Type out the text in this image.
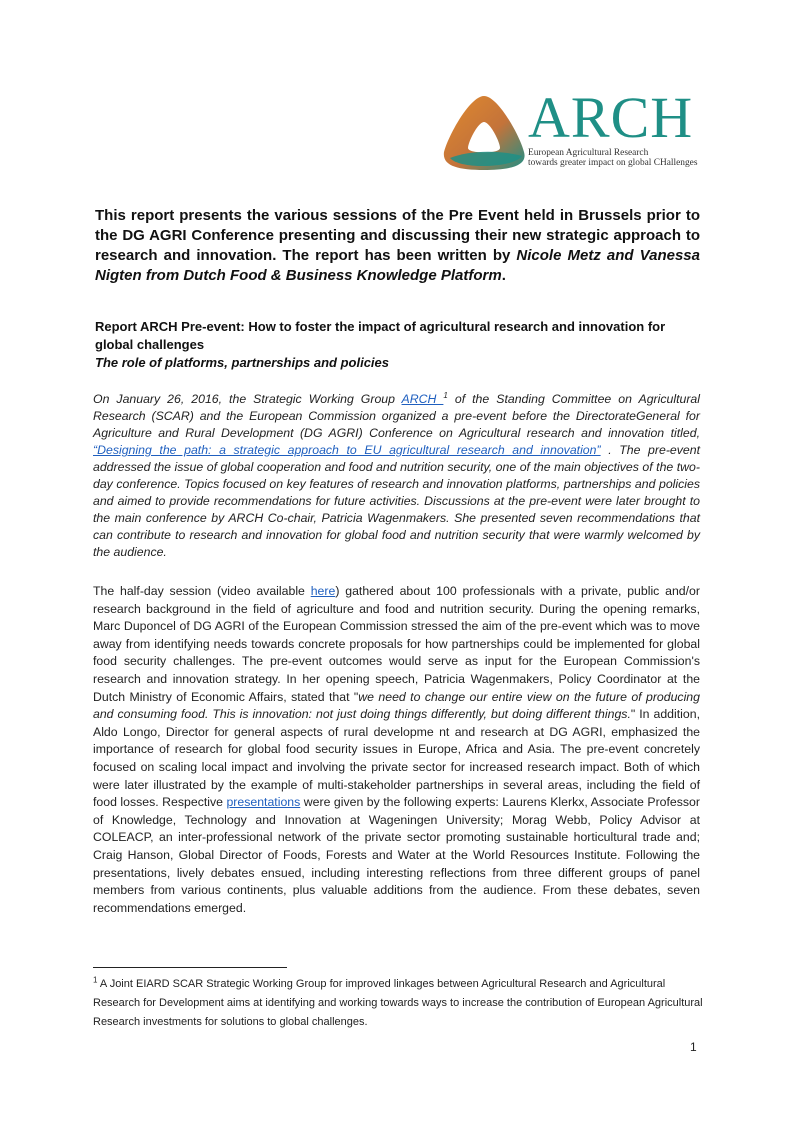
ARCH
European Agricultural Research
towards greater impact on global CHallenges

This report presents the various sessions of the Pre Event held in Brussels prior to the DG AGRI Conference presenting and discussing their new strategic approach to research and innovation. The report has been written by Nicole Metz and Vanessa Nigten from Dutch Food & Business Knowledge Platform.

Report ARCH Pre-event: How to foster the impact of agricultural research and innovation for global challenges

The role of platforms, partnerships and policies

On January 26, 2016, the Strategic Working Group ARCH $^1$ of the Standing Committee on Agricultural Research (SCAR) and the European Commission organized a pre-event before the DirectorateGeneral for Agriculture and Rural Development (DG AGRI) Conference on Agricultural research and innovation titled, “Designing the path: a strategic approach to EU agricultural research and innovation” . The pre-event addressed the issue of global cooperation and food and nutrition security, one of the main objectives of the two-day conference. Topics focused on key features of research and innovation platforms, partnerships and policies and aimed to provide recommendations for future activities. Discussions at the pre-event were later brought to the main conference by ARCH Co-chair, Patricia Wagenmakers. She presented seven recommendations that can contribute to research and innovation for global food and nutrition security that were warmly welcomed by the audience.

The half-day session (video available here) gathered about 100 professionals with a private, public and/or research background in the field of agriculture and food and nutrition security. During the opening remarks, Marc Duponcel of DG AGRI of the European Commission stressed the aim of the pre-event which was to move away from identifying needs towards concrete proposals for how partnerships could be implemented for global food security challenges. The pre-event outcomes would serve as input for the European Commission's research and innovation strategy. In her opening speech, Patricia Wagenmakers, Policy Coordinator at the Dutch Ministry of Economic Affairs, stated that "we need to change our entire view on the future of producing and consuming food. This is innovation: not just doing things differently, but doing different things." In addition, Aldo Longo, Director for general aspects of rural developme nt and research at DG AGRI, emphasized the importance of research for global food security issues in Europe, Africa and Asia. The pre-event concretely focused on scaling local impact and involving the private sector for increased research impact. Both of which were later illustrated by the example of multi-stakeholder partnerships in several areas, including the field of food losses. Respective presentations were given by the following experts: Laurens Klerkx, Associate Professor of Knowledge, Technology and Innovation at Wageningen University; Morag Webb, Policy Advisor at COLEACP, an inter-professional network of the private sector promoting sustainable horticultural trade and; Craig Hanson, Global Director of Foods, Forests and Water at the World Resources Institute. Following the presentations, lively debates ensued, including interesting reflections from three different groups of panel members from various continents, plus valuable additions from the audience. From these debates, seven recommendations emerged.

$^1$ A Joint EIARD SCAR Strategic Working Group for improved linkages between Agricultural Research and Agricultural Research for Development aims at identifying and working towards ways to increase the contribution of European Agricultural Research investments for solutions to global challenges.

1
